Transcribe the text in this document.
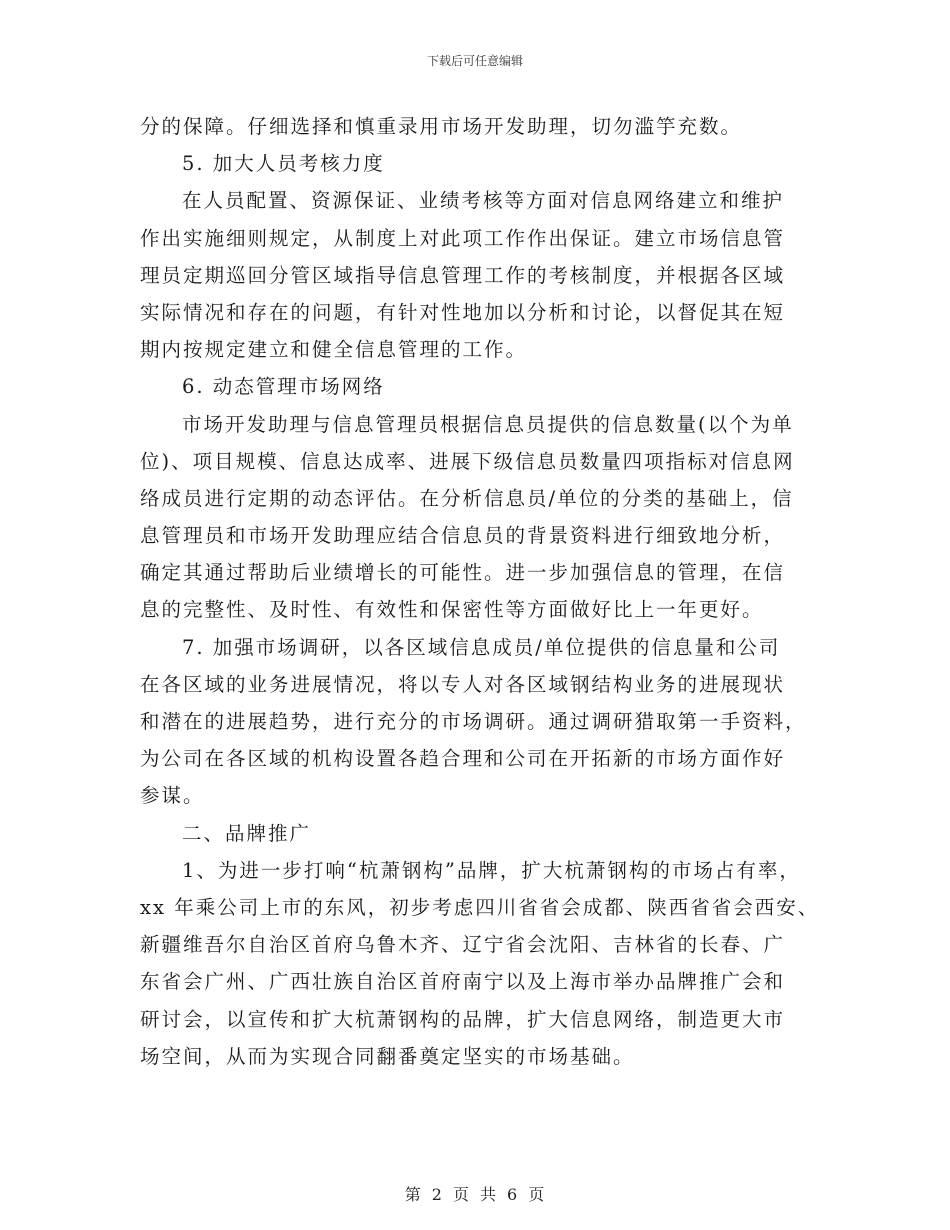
下载后可任意编辑
分的保障。仔细选择和慎重录用市场开发助理，切勿滥竽充数。
5. 加大人员考核力度
在人员配置、资源保证、业绩考核等方面对信息网络建立和维护
作出实施细则规定，从制度上对此项工作作出保证。建立市场信息管
理员定期巡回分管区域指导信息管理工作的考核制度，并根据各区域
实际情况和存在的问题，有针对性地加以分析和讨论，以督促其在短
期内按规定建立和健全信息管理的工作。
6. 动态管理市场网络
市场开发助理与信息管理员根据信息员提供的信息数量(以个为单
位)、项目规模、信息达成率、进展下级信息员数量四项指标对信息网
络成员进行定期的动态评估。在分析信息员/单位的分类的基础上，信
息管理员和市场开发助理应结合信息员的背景资料进行细致地分析，
确定其通过帮助后业绩增长的可能性。进一步加强信息的管理，在信
息的完整性、及时性、有效性和保密性等方面做好比上一年更好。
7. 加强市场调研，以各区域信息成员/单位提供的信息量和公司
在各区域的业务进展情况，将以专人对各区域钢结构业务的进展现状
和潜在的进展趋势，进行充分的市场调研。通过调研猎取第一手资料，
为公司在各区域的机构设置各趋合理和公司在开拓新的市场方面作好
参谋。
二、品牌推广
1、为进一步打响“杭萧钢构”品牌，扩大杭萧钢构的市场占有率，
xx 年乘公司上市的东风，初步考虑四川省省会成都、陕西省省会西安、
新疆维吾尔自治区首府乌鲁木齐、辽宁省会沈阳、吉林省的长春、广
东省会广州、广西壮族自治区首府南宁以及上海市举办品牌推广会和
研讨会，以宣传和扩大杭萧钢构的品牌，扩大信息网络，制造更大市
场空间，从而为实现合同翻番奠定坚实的市场基础。
第 2 页 共 6 页
